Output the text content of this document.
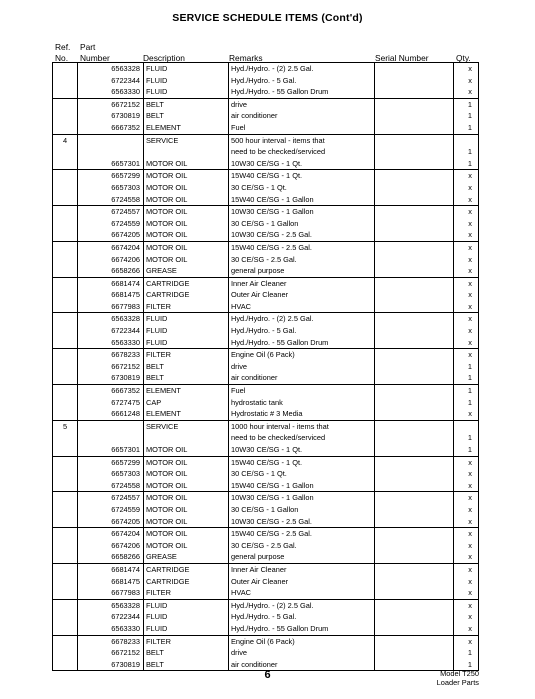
SERVICE SCHEDULE ITEMS (Cont'd)
Ref.
No.
Part
Number	Description	Remarks	Serial Number	Qty.
	6563328	FLUID	Hyd./Hydro. - (2) 2.5 Gal.		x
	6722344	FLUID	Hyd./Hydro. - 5 Gal.		x
	6563330	FLUID	Hyd./Hydro. - 55 Gallon Drum		x
	6672152	BELT	drive		1
	6730819	BELT	air conditioner		1
	6667352	ELEMENT	Fuel		1
4		SERVICE	500 hour interval - items that		
			need to be checked/serviced		1
	6657301	MOTOR OIL	10W30 CE/SG - 1 Qt.		1
	6657299	MOTOR OIL	15W40 CE/SG - 1 Qt.		x
	6657303	MOTOR OIL	30 CE/SG - 1 Qt.		x
	6724558	MOTOR OIL	15W40 CE/SG - 1 Gallon		x
	6724557	MOTOR OIL	10W30 CE/SG - 1 Gallon		x
	6724559	MOTOR OIL	30 CE/SG - 1 Gallon		x
	6674205	MOTOR OIL	10W30 CE/SG - 2.5 Gal.		x
	6674204	MOTOR OIL	15W40 CE/SG - 2.5 Gal.		x
	6674206	MOTOR OIL	30 CE/SG - 2.5 Gal.		x
	6658266	GREASE	general purpose		x
	6681474	CARTRIDGE	Inner Air Cleaner		x
	6681475	CARTRIDGE	Outer Air Cleaner		x
	6677983	FILTER	HVAC		x
	6563328	FLUID	Hyd./Hydro. - (2) 2.5 Gal.		x
	6722344	FLUID	Hyd./Hydro. - 5 Gal.		x
	6563330	FLUID	Hyd./Hydro. - 55 Gallon Drum		x
	6678233	FILTER	Engine Oil (6 Pack)		x
	6672152	BELT	drive		1
	6730819	BELT	air conditioner		1
	6667352	ELEMENT	Fuel		1
	6727475	CAP	hydrostatic tank		1
	6661248	ELEMENT	Hydrostatic # 3 Media		x
5		SERVICE	1000 hour interval - items that		
			need to be checked/serviced		1
	6657301	MOTOR OIL	10W30 CE/SG - 1 Qt.		1
	6657299	MOTOR OIL	15W40 CE/SG - 1 Qt.		x
	6657303	MOTOR OIL	30 CE/SG - 1 Qt.		x
	6724558	MOTOR OIL	15W40 CE/SG - 1 Gallon		x
	6724557	MOTOR OIL	10W30 CE/SG - 1 Gallon		x
	6724559	MOTOR OIL	30 CE/SG - 1 Gallon		x
	6674205	MOTOR OIL	10W30 CE/SG - 2.5 Gal.		x
	6674204	MOTOR OIL	15W40 CE/SG - 2.5 Gal.		x
	6674206	MOTOR OIL	30 CE/SG - 2.5 Gal.		x
	6658266	GREASE	general purpose		x
	6681474	CARTRIDGE	Inner Air Cleaner		x
	6681475	CARTRIDGE	Outer Air Cleaner		x
	6677983	FILTER	HVAC		x
	6563328	FLUID	Hyd./Hydro. - (2) 2.5 Gal.		x
	6722344	FLUID	Hyd./Hydro. - 5 Gal.		x
	6563330	FLUID	Hyd./Hydro. - 55 Gallon Drum		x
	6678233	FILTER	Engine Oil (6 Pack)		x
	6672152	BELT	drive		1
	6730819	BELT	air conditioner		1
6	Model T250
Loader Parts
